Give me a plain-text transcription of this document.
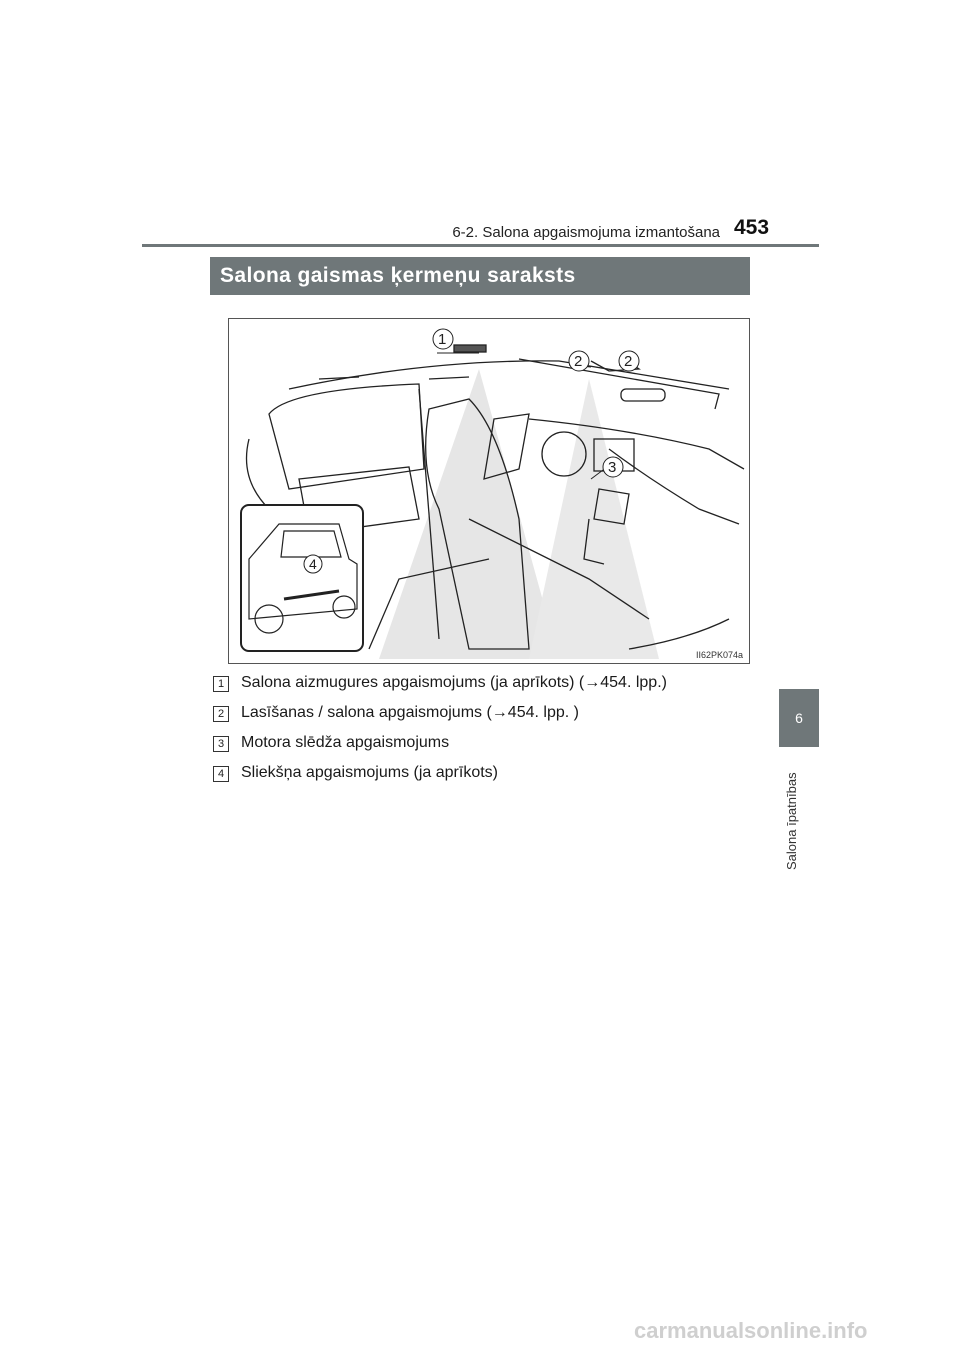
6-2. Salona apgaismojuma izmantošana 453
Salona gaismas ķermeņu saraksts
1
2	2
3
4
II62PK074a
1	Salona aizmugures apgaismojums (ja aprīkots) (→454. lpp.)
2	Lasīšanas / salona apgaismojums (→454. lpp. )
3	Motora slēdža apgaismojums
4	Sliekšņa apgaismojums (ja aprīkots)
6
Salona īpatnības
carmanualsonline.info
